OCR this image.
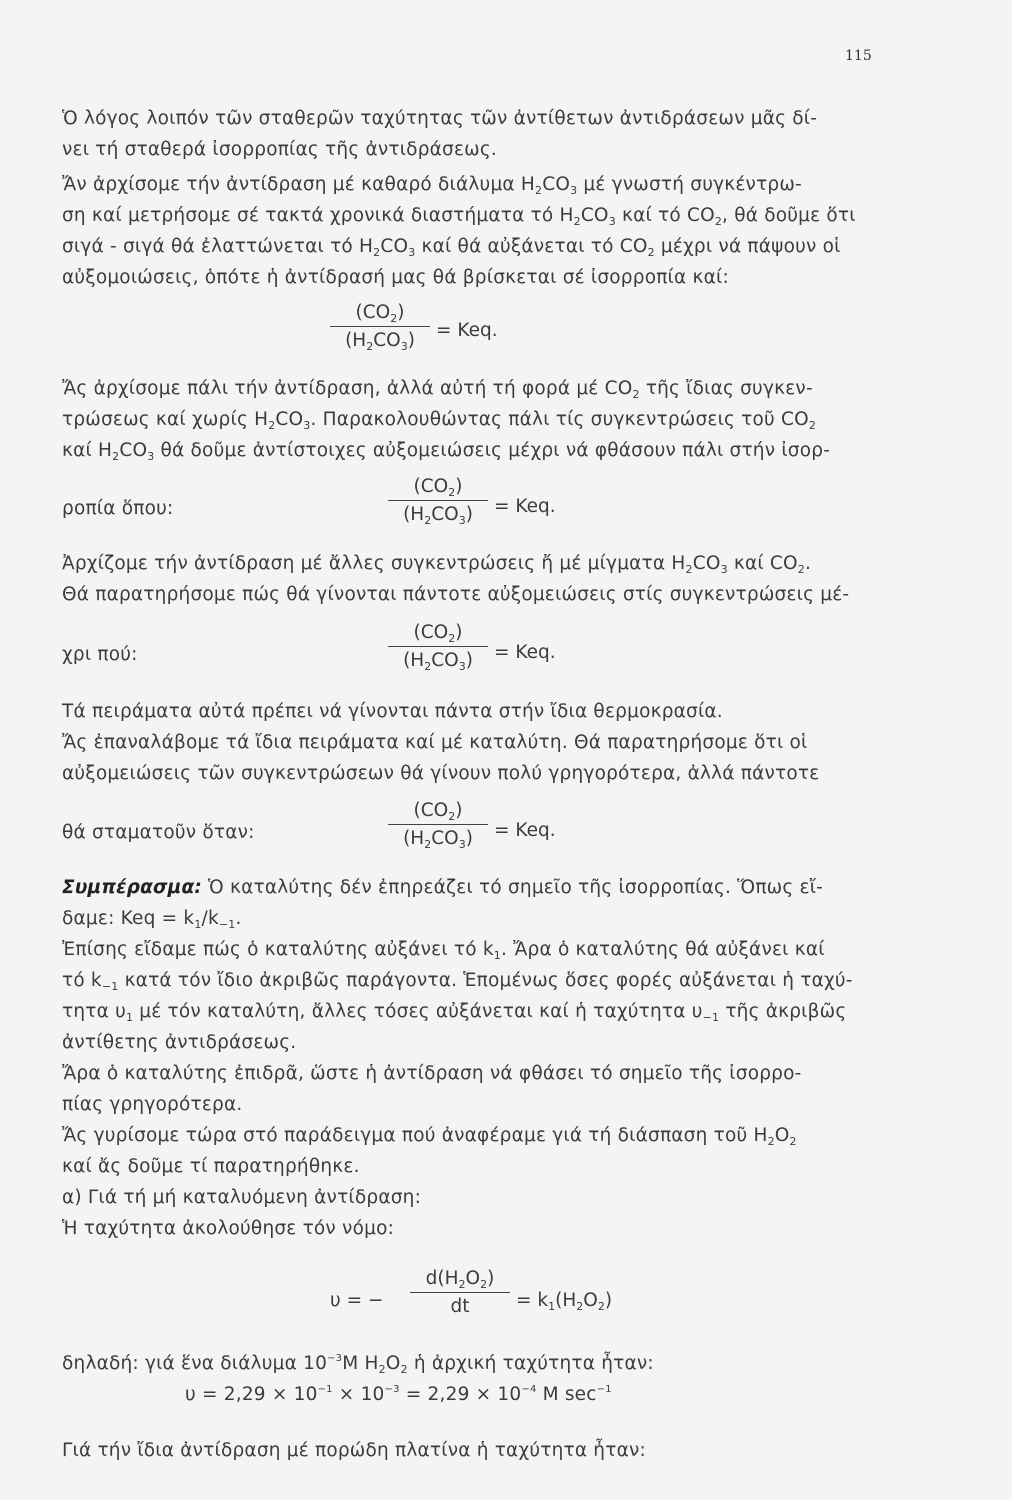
115
Ὁ λόγος λοιπόν τῶν σταθερῶν ταχύτητας τῶν ἀντίθετων ἀντιδράσεων μᾶς δί-
νει τή σταθερά ἰσορροπίας τῆς ἀντιδράσεως.
Ἄν ἀρχίσομε τήν ἀντίδραση μέ καθαρό διάλυμα $H_2CO_3$ μέ γνωστή συγκέντρω-
ση καί μετρήσομε σέ τακτά χρονικά διαστήματα τό $H_2CO_3$ καί τό $CO_2$, θά δοῦμε ὅτι
σιγά - σιγά θά ἐλαττώνεται τό $H_2CO_3$ καί θά αὐξάνεται τό $CO_2$ μέχρι νά πάψουν οἱ
αὐξομοιώσεις, ὁπότε ἡ ἀντίδρασή μας θά βρίσκεται σέ ἰσορροπία καί:
$(CO_2)$
$(H_2CO_3)$	= Keq.
Ἄς ἀρχίσομε πάλι τήν ἀντίδραση, ἀλλά αὐτή τή φορά μέ $CO_2$ τῆς ἴδιας συγκεν-
τρώσεως καί χωρίς $H_2CO_3$. Παρακολουθώντας πάλι τίς συγκεντρώσεις τοῦ $CO_2$
καί $H_2CO_3$ θά δοῦμε ἀντίστοιχες αὐξομειώσεις μέχρι νά φθάσουν πάλι στήν ἰσορ-
ροπία ὅπου:
$(CO_2)$
$(H_2CO_3)$	= Keq.
Ἀρχίζομε τήν ἀντίδραση μέ ἄλλες συγκεντρώσεις ἤ μέ μίγματα $H_2CO_3$ καί $CO_2$.
Θά παρατηρήσομε πώς θά γίνονται πάντοτε αὐξομειώσεις στίς συγκεντρώσεις μέ-
χρι πού:
$(CO_2)$
$(H_2CO_3)$	= Keq.
Τά πειράματα αὐτά πρέπει νά γίνονται πάντα στήν ἴδια θερμοκρασία.
Ἄς ἐπαναλάβομε τά ἴδια πειράματα καί μέ καταλύτη. Θά παρατηρήσομε ὅτι οἱ
αὐξομειώσεις τῶν συγκεντρώσεων θά γίνουν πολύ γρηγορότερα, ἀλλά πάντοτε
θά σταματοῦν ὅταν:
$(CO_2)$
$(H_2CO_3)$	= Keq.
Συμπέρασμα: Ὁ καταλύτης δέν ἐπηρεάζει τό σημεῖο τῆς ἰσορροπίας. Ὅπως εἴ-
δαμε: Keq = $k_1/k_{-1}$.
Ἐπίσης εἴδαμε πώς ὁ καταλύτης αὐξάνει τό $k_1$. Ἄρα ὁ καταλύτης θά αὐξάνει καί
τό $k_{-1}$ κατά τόν ἴδιο ἀκριβῶς παράγοντα. Ἑπομένως ὅσες φορές αὐξάνεται ἡ ταχύ-
τητα $\upsilon_1$ μέ τόν καταλύτη, ἄλλες τόσες αὐξάνεται καί ἡ ταχύτητα $\upsilon_{-1}$ τῆς ἀκριβῶς
ἀντίθετης ἀντιδράσεως.
Ἄρα ὁ καταλύτης ἐπιδρᾶ, ὥστε ἡ ἀντίδραση νά φθάσει τό σημεῖο τῆς ἰσορρο-
πίας γρηγορότερα.
Ἄς γυρίσομε τώρα στό παράδειγμα πού ἀναφέραμε γιά τή διάσπαση τοῦ $H_2O_2$
καί ἄς δοῦμε τί παρατηρήθηκε.
α) Γιά τή μή καταλυόμενη ἀντίδραση:
Ἡ ταχύτητα ἀκολούθησε τόν νόμο:
υ = −
$d(H_2O_2)$
dt	= $k_1(H_2O_2)$
δηλαδή: γιά ἕνα διάλυμα $10^{-3}M$ $H_2O_2$ ἡ ἀρχική ταχύτητα ἦταν:
$\upsilon = 2,29 \times 10^{-1} \times 10^{-3} = 2,29 \times 10^{-4}$ M $\sec^{-1}$
Γιά τήν ἴδια ἀντίδραση μέ πορώδη πλατίνα ἡ ταχύτητα ἦταν:
